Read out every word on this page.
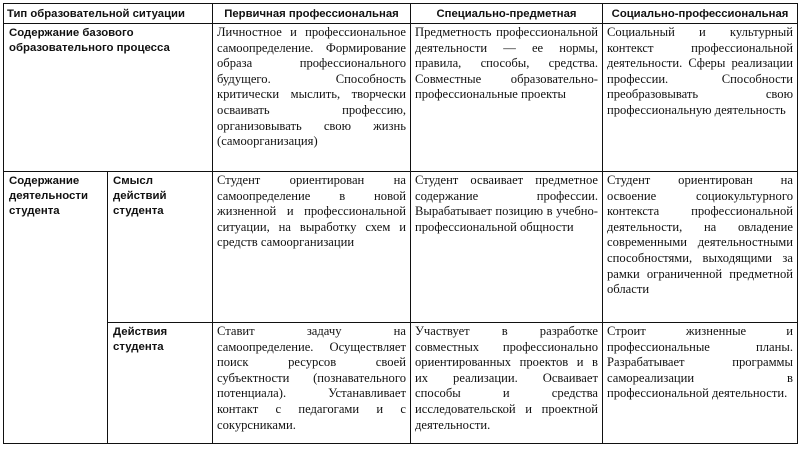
Тип образовательной ситуации		Первичная профессиональная	Специально-предметная	Социально-профессиональная
Содержание базового образовательного процесса		Личностное и профессиональное самоопределение. Формирование образа профессионального будущего. Способность критически мыслить, творчески осваивать профессию, организовывать свою жизнь (самоорганизация)	Предметность профессиональной деятельности — ее нормы, правила, способы, средства. Совместные образовательно-профессиональные проекты	Социальный и культурный контекст профессиональной деятельности. Сферы реализации профессии. Способности преобразовывать свою профессиональную деятельность
Содержание деятельности студента	Смысл действий студента	Студент ориентирован на самоопределение в новой жизненной и профессиональной ситуации, на выработку схем и средств самоорганизации	Студент осваивает предметное содержание профессии. Вырабатывает позицию в учебно-профессиональной общности	Студент ориентирован на освоение социокультурного контекста профессиональной деятельности, на овладение современными деятельностными способностями, выходящими за рамки ограниченной предметной области
	Действия студента	Ставит задачу на самоопределение. Осуществляет поиск ресурсов своей субъектности (познавательного потенциала). Устанавливает контакт с педагогами и с сокурсниками.	Участвует в разработке совместных профессионально ориентированных проектов и в их реализации. Осваивает способы и средства исследовательской и проектной деятельности.	Строит жизненные и профессиональные планы. Разрабатывает программы самореализации в профессиональной деятельности.
